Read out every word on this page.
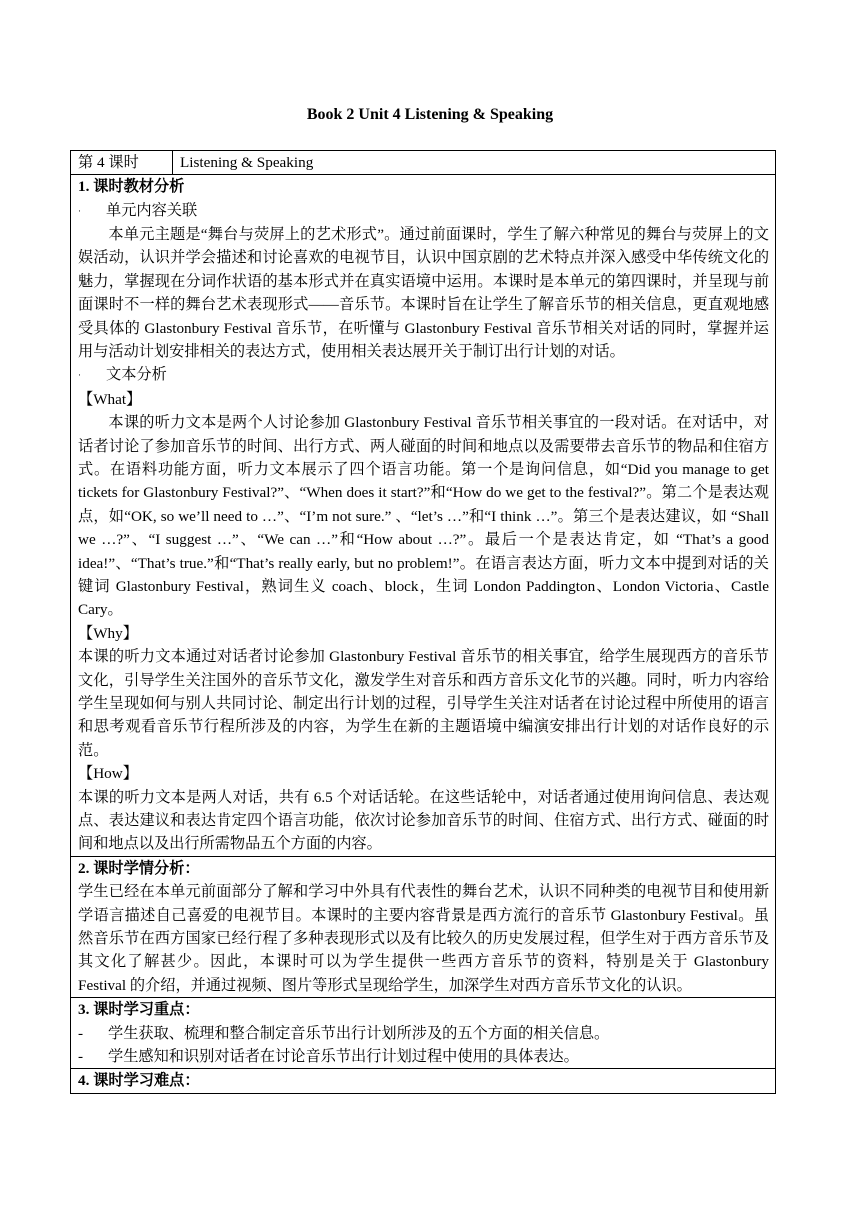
Book 2 Unit 4 Listening & Speaking
第 4 课时	Listening & Speaking

1. 课时教材分析
· 单元内容关联
本单元主题是“舞台与荧屏上的艺术形式”。通过前面课时，学生了解六种常见的舞台与荧屏上的文娱活动，认识并学会描述和讨论喜欢的电视节目，认识中国京剧的艺术特点并深入感受中华传统文化的魅力，掌握现在分词作状语的基本形式并在真实语境中运用。本课时是本单元的第四课时，并呈现与前面课时不一样的舞台艺术表现形式——音乐节。本课时旨在让学生了解音乐节的相关信息，更直观地感受具体的 Glastonbury Festival 音乐节，在听懂与 Glastonbury Festival 音乐节相关对话的同时，掌握并运用与活动计划安排相关的表达方式，使用相关表达展开关于制订出行计划的对话。
· 文本分析
【What】
本课的听力文本是两个人讨论参加 Glastonbury Festival 音乐节相关事宜的一段对话。在对话中，对话者讨论了参加音乐节的时间、出行方式、两人碰面的时间和地点以及需要带去音乐节的物品和住宿方式。在语料功能方面，听力文本展示了四个语言功能。第一个是询问信息，如“Did you manage to get tickets for Glastonbury Festival?”、“When does it start?”和“How do we get to the festival?”。第二个是表达观点，如“OK, so we’ll need to …”、“I’m not sure.” 、“let’s …”和“I think …”。第三个是表达建议，如 “Shall we …?”、“I suggest …”、“We can …”和“How about …?”。最后一个是表达肯定，如 “That’s a good idea!”、“That’s true.”和“That’s really early, but no problem!”。在语言表达方面，听力文本中提到对话的关键词 Glastonbury Festival，熟词生义 coach、block，生词 London Paddington、London Victoria、Castle Cary。
【Why】
本课的听力文本通过对话者讨论参加 Glastonbury Festival 音乐节的相关事宜，给学生展现西方的音乐节文化，引导学生关注国外的音乐节文化，激发学生对音乐和西方音乐文化节的兴趣。同时，听力内容给学生呈现如何与别人共同讨论、制定出行计划的过程，引导学生关注对话者在讨论过程中所使用的语言和思考观看音乐节行程所涉及的内容，为学生在新的主题语境中编演安排出行计划的对话作良好的示范。
【How】
本课的听力文本是两人对话，共有 6.5 个对话话轮。在这些话轮中，对话者通过使用询问信息、表达观点、表达建议和表达肯定四个语言功能，依次讨论参加音乐节的时间、住宿方式、出行方式、碰面的时间和地点以及出行所需物品五个方面的内容。

2. 课时学情分析：
学生已经在本单元前面部分了解和学习中外具有代表性的舞台艺术，认识不同种类的电视节目和使用新学语言描述自己喜爱的电视节目。本课时的主要内容背景是西方流行的音乐节 Glastonbury Festival。虽然音乐节在西方国家已经行程了多种表现形式以及有比较久的历史发展过程，但学生对于西方音乐节及其文化了解甚少。因此，本课时可以为学生提供一些西方音乐节的资料，特别是关于 Glastonbury Festival 的介绍，并通过视频、图片等形式呈现给学生，加深学生对西方音乐节文化的认识。

3. 课时学习重点：
- 学生获取、梳理和整合制定音乐节出行计划所涉及的五个方面的相关信息。
- 学生感知和识别对话者在讨论音乐节出行计划过程中使用的具体表达。

4. 课时学习难点：
